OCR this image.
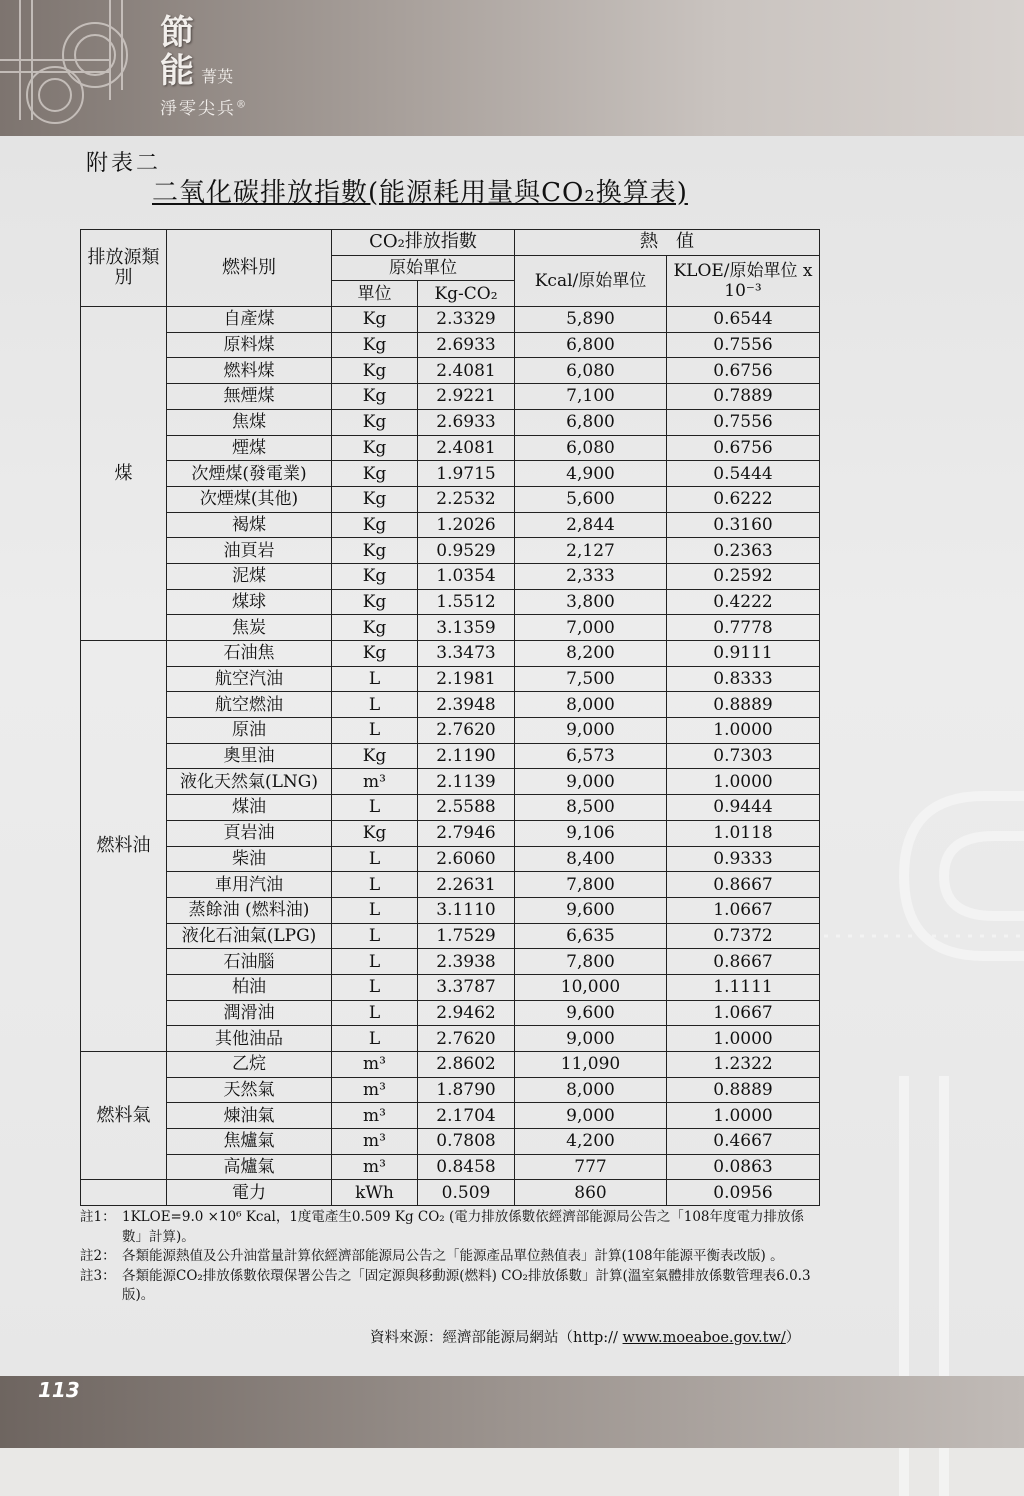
節
能 菁英
淨零尖兵®
附表二
二氧化碳排放指數(能源耗用量與CO₂換算表)
排放源類別	燃料別	CO₂排放指數		熱　值	
		原始單位		Kcal/原始單位	KLOE/原始單位 x 10⁻³
		單位	Kg-CO₂		
煤	自產煤	Kg	2.3329	5,890	0.6544
	原料煤	Kg	2.6933	6,800	0.7556
	燃料煤	Kg	2.4081	6,080	0.6756
	無煙煤	Kg	2.9221	7,100	0.7889
	焦煤	Kg	2.6933	6,800	0.7556
	煙煤	Kg	2.4081	6,080	0.6756
	次煙煤(發電業)	Kg	1.9715	4,900	0.5444
	次煙煤(其他)	Kg	2.2532	5,600	0.6222
	褐煤	Kg	1.2026	2,844	0.3160
	油頁岩	Kg	0.9529	2,127	0.2363
	泥煤	Kg	1.0354	2,333	0.2592
	煤球	Kg	1.5512	3,800	0.4222
	焦炭	Kg	3.1359	7,000	0.7778
燃料油	石油焦	Kg	3.3473	8,200	0.9111
	航空汽油	L	2.1981	7,500	0.8333
	航空燃油	L	2.3948	8,000	0.8889
	原油	L	2.7620	9,000	1.0000
	奧里油	Kg	2.1190	6,573	0.7303
	液化天然氣(LNG)	m³	2.1139	9,000	1.0000
	煤油	L	2.5588	8,500	0.9444
	頁岩油	Kg	2.7946	9,106	1.0118
	柴油	L	2.6060	8,400	0.9333
	車用汽油	L	2.2631	7,800	0.8667
	蒸餘油 (燃料油)	L	3.1110	9,600	1.0667
	液化石油氣(LPG)	L	1.7529	6,635	0.7372
	石油腦	L	2.3938	7,800	0.8667
	柏油	L	3.3787	10,000	1.1111
	潤滑油	L	2.9462	9,600	1.0667
	其他油品	L	2.7620	9,000	1.0000
燃料氣	乙烷	m³	2.8602	11,090	1.2322
	天然氣	m³	1.8790	8,000	0.8889
	煉油氣	m³	2.1704	9,000	1.0000
	焦爐氣	m³	0.7808	4,200	0.4667
	高爐氣	m³	0.8458	777	0.0863
	電力	kWh	0.509	860	0.0956
註1： 1KLOE=9.0 ×10⁶ Kcal，1度電產生0.509 Kg CO₂ (電力排放係數依經濟部能源局公告之「108年度電力排放係數」計算)。
註2： 各類能源熱值及公升油當量計算依經濟部能源局公告之「能源產品單位熱值表」計算(108年能源平衡表改版) 。
註3： 各類能源CO₂排放係數依環保署公告之「固定源與移動源(燃料) CO₂排放係數」計算(溫室氣體排放係數管理表6.0.3版)。
資料來源：經濟部能源局網站（http:// www.moeaboe.gov.tw/）
113
